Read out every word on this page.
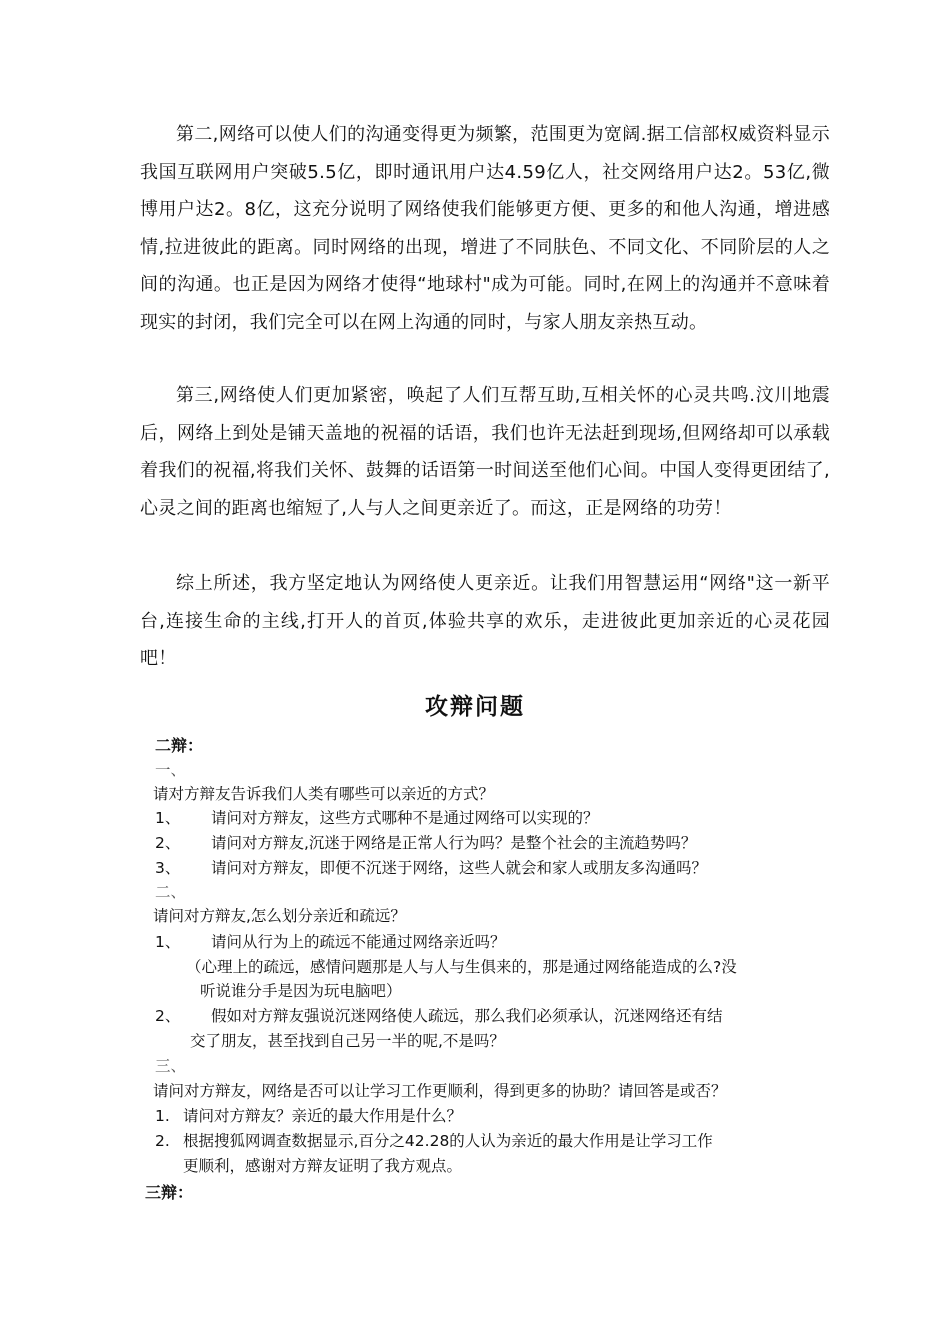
第二,网络可以使人们的沟通变得更为频繁，范围更为宽阔.据工信部权威资料显示我国互联网用户突破5.5亿，即时通讯用户达4.59亿人，社交网络用户达2。53亿,微博用户达2。8亿，这充分说明了网络使我们能够更方便、更多的和他人沟通，增进感情,拉进彼此的距离。同时网络的出现，增进了不同肤色、不同文化、不同阶层的人之间的沟通。也正是因为网络才使得“地球村"成为可能。同时,在网上的沟通并不意味着现实的封闭，我们完全可以在网上沟通的同时，与家人朋友亲热互动。
第三,网络使人们更加紧密，唤起了人们互帮互助,互相关怀的心灵共鸣.汶川地震后，网络上到处是铺天盖地的祝福的话语，我们也许无法赶到现场,但网络却可以承载着我们的祝福,将我们关怀、鼓舞的话语第一时间送至他们心间。中国人变得更团结了,心灵之间的距离也缩短了,人与人之间更亲近了。而这，正是网络的功劳！
综上所述，我方坚定地认为网络使人更亲近。让我们用智慧运用“网络"这一新平台,连接生命的主线,打开人的首页,体验共享的欢乐，走进彼此更加亲近的心灵花园吧！
攻辩问题
二辩：
一、
请对方辩友告诉我们人类有哪些可以亲近的方式？
1、 请问对方辩友，这些方式哪种不是通过网络可以实现的？
2、 请问对方辩友,沉迷于网络是正常人行为吗？是整个社会的主流趋势吗？
3、 请问对方辩友，即便不沉迷于网络，这些人就会和家人或朋友多沟通吗？
二、
请问对方辩友,怎么划分亲近和疏远？
1、 请问从行为上的疏远不能通过网络亲近吗？
（心理上的疏远，感情问题那是人与人与生俱来的，那是通过网络能造成的么?没
听说谁分手是因为玩电脑吧）
2、 假如对方辩友强说沉迷网络使人疏远，那么我们必须承认，沉迷网络还有结
交了朋友，甚至找到自己另一半的呢,不是吗？
三、
请问对方辩友，网络是否可以让学习工作更顺利，得到更多的协助？请回答是或否？
1. 请问对方辩友？亲近的最大作用是什么？
2. 根据搜狐网调查数据显示,百分之42.28的人认为亲近的最大作用是让学习工作
更顺利，感谢对方辩友证明了我方观点。
三辩：
